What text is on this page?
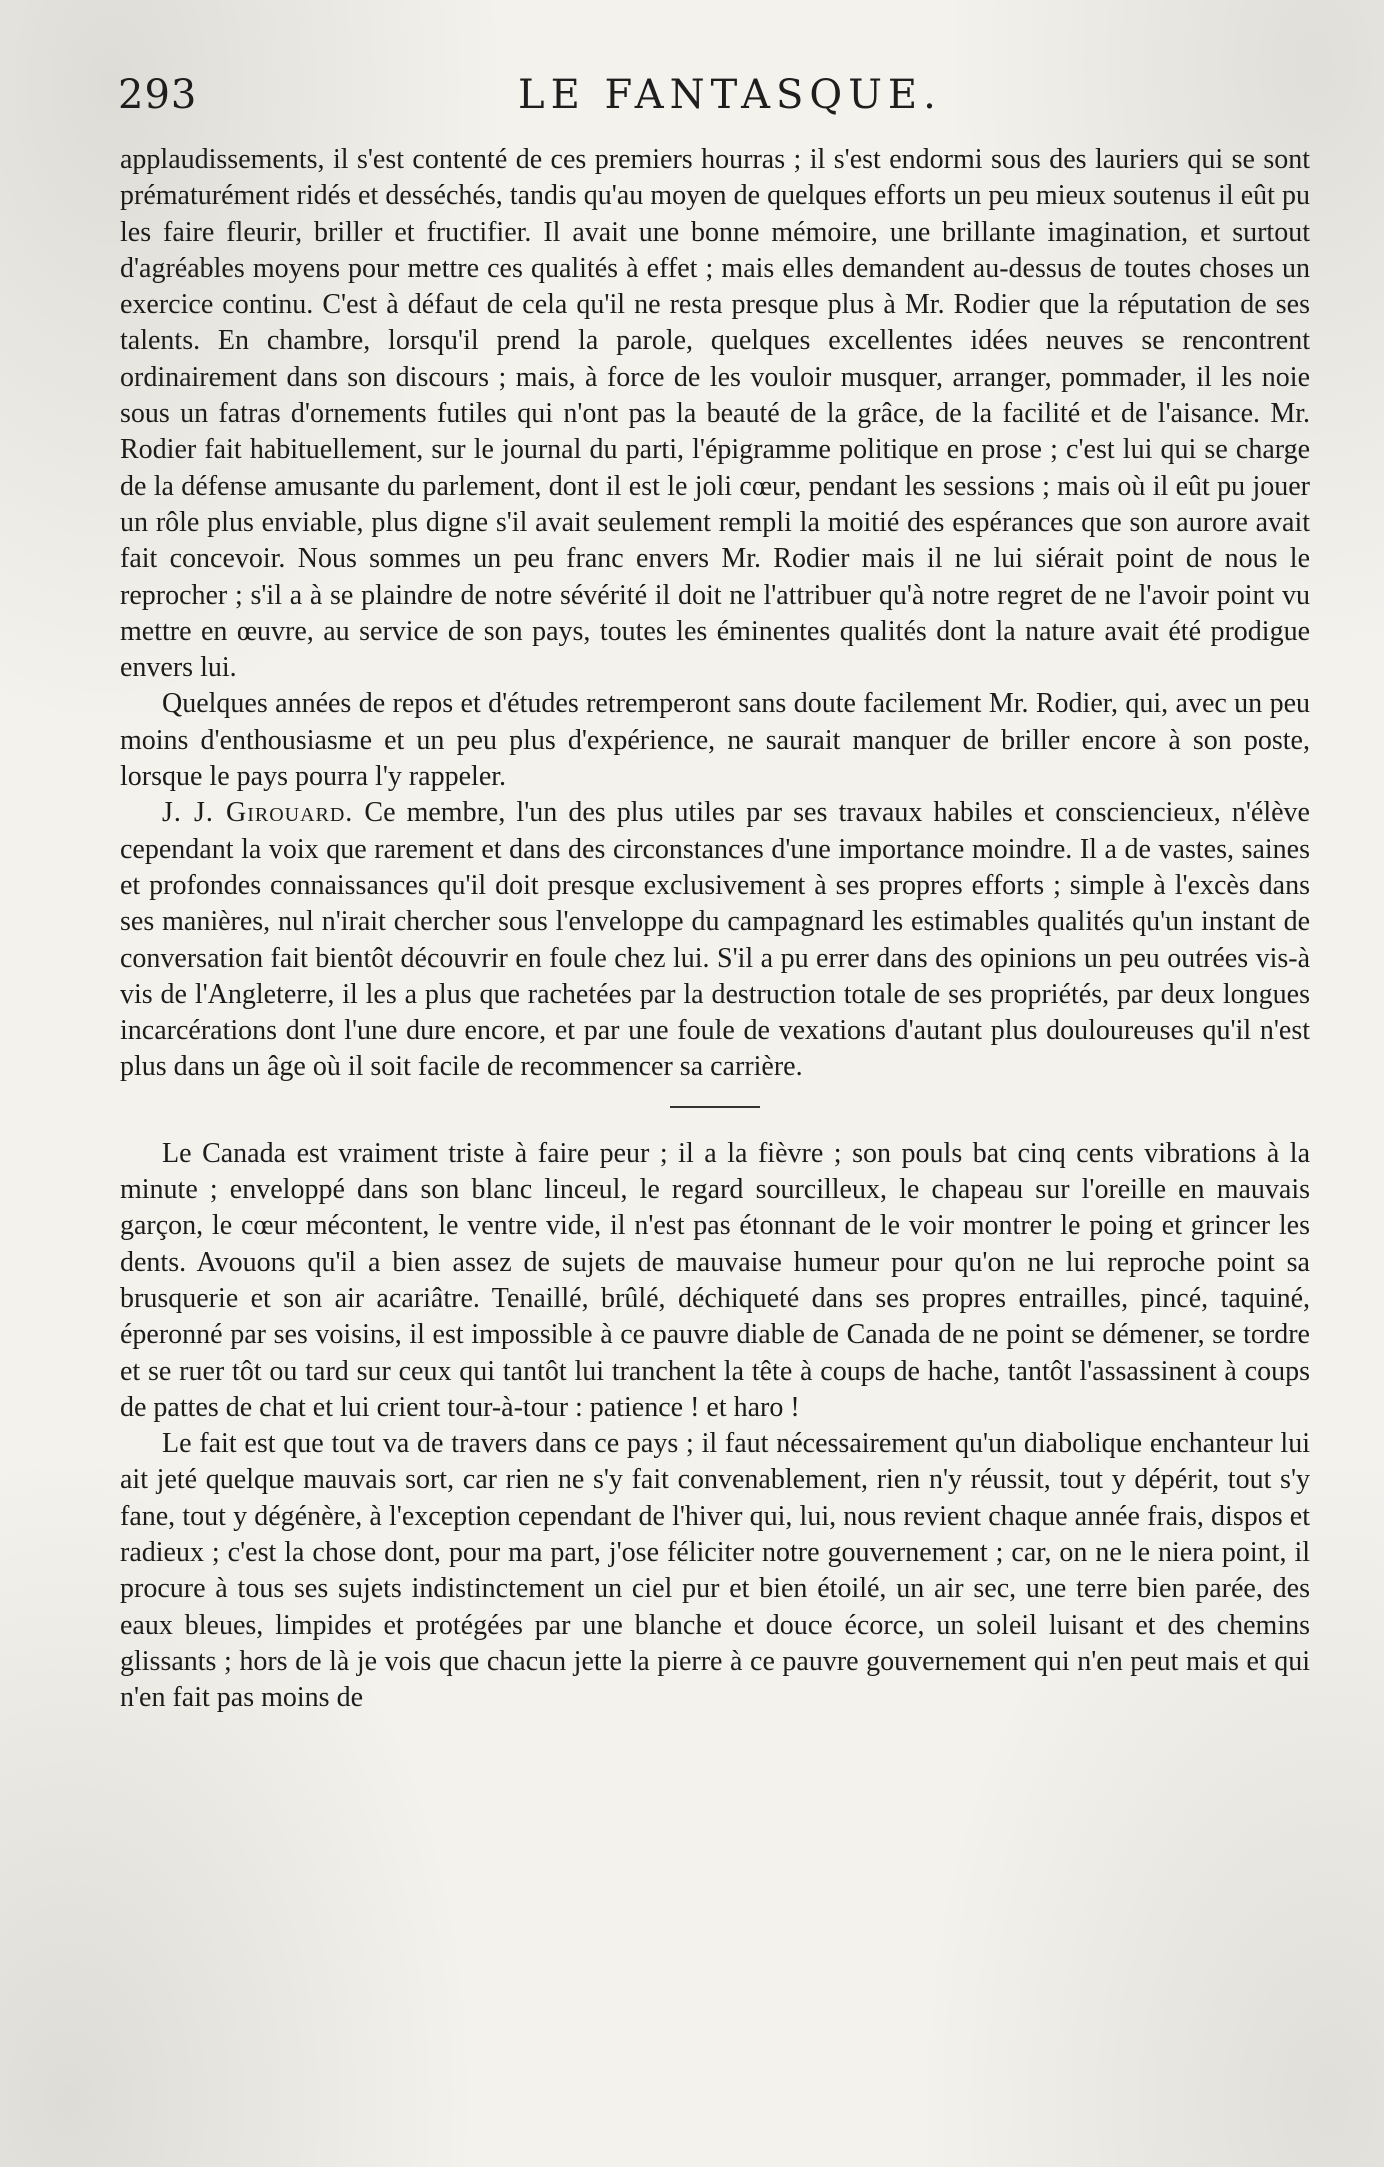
293	LE FANTASQUE.

applaudissements, il s'est contenté de ces premiers hourras ; il s'est endormi sous des lauriers qui se sont prématurément ridés et desséchés, tandis qu'au moyen de quelques efforts un peu mieux soutenus il eût pu les faire fleurir, briller et fructifier. Il avait une bonne mémoire, une brillante imagination, et surtout d'agréables moyens pour mettre ces qualités à effet ; mais elles demandent au-dessus de toutes choses un exercice continu. C'est à défaut de cela qu'il ne resta presque plus à Mr. Rodier que la réputation de ses talents. En chambre, lorsqu'il prend la parole, quelques excellentes idées neuves se rencontrent ordinairement dans son discours ; mais, à force de les vouloir musquer, arranger, pommader, il les noie sous un fatras d'ornements futiles qui n'ont pas la beauté de la grâce, de la facilité et de l'aisance. Mr. Rodier fait habituellement, sur le journal du parti, l'épigramme politique en prose ; c'est lui qui se charge de la défense amusante du parlement, dont il est le joli cœur, pendant les sessions ; mais où il eût pu jouer un rôle plus enviable, plus digne s'il avait seulement rempli la moitié des espérances que son aurore avait fait concevoir. Nous sommes un peu franc envers Mr. Rodier mais il ne lui siérait point de nous le reprocher ; s'il a à se plaindre de notre sévérité il doit ne l'attribuer qu'à notre regret de ne l'avoir point vu mettre en œuvre, au service de son pays, toutes les éminentes qualités dont la nature avait été prodigue envers lui.

Quelques années de repos et d'études retremperont sans doute facilement Mr. Rodier, qui, avec un peu moins d'enthousiasme et un peu plus d'expérience, ne saurait manquer de briller encore à son poste, lorsque le pays pourra l'y rappeler.

J. J. Girouard. Ce membre, l'un des plus utiles par ses travaux habiles et consciencieux, n'élève cependant la voix que rarement et dans des circonstances d'une importance moindre. Il a de vastes, saines et profondes connaissances qu'il doit presque exclusivement à ses propres efforts ; simple à l'excès dans ses manières, nul n'irait chercher sous l'enveloppe du campagnard les estimables qualités qu'un instant de conversation fait bientôt découvrir en foule chez lui. S'il a pu errer dans des opinions un peu outrées vis-à vis de l'Angleterre, il les a plus que rachetées par la destruction totale de ses propriétés, par deux longues incarcérations dont l'une dure encore, et par une foule de vexations d'autant plus douloureuses qu'il n'est plus dans un âge où il soit facile de recommencer sa carrière.

Le Canada est vraiment triste à faire peur ; il a la fièvre ; son pouls bat cinq cents vibrations à la minute ; enveloppé dans son blanc linceul, le regard sourcilleux, le chapeau sur l'oreille en mauvais garçon, le cœur mécontent, le ventre vide, il n'est pas étonnant de le voir montrer le poing et grincer les dents. Avouons qu'il a bien assez de sujets de mauvaise humeur pour qu'on ne lui reproche point sa brusquerie et son air acariâtre. Tenaillé, brûlé, déchiqueté dans ses propres entrailles, pincé, taquiné, éperonné par ses voisins, il est impossible à ce pauvre diable de Canada de ne point se démener, se tordre et se ruer tôt ou tard sur ceux qui tantôt lui tranchent la tête à coups de hache, tantôt l'assassinent à coups de pattes de chat et lui crient tour-à-tour : patience ! et haro !

Le fait est que tout va de travers dans ce pays ; il faut nécessairement qu'un diabolique enchanteur lui ait jeté quelque mauvais sort, car rien ne s'y fait convenablement, rien n'y réussit, tout y dépérit, tout s'y fane, tout y dégénère, à l'exception cependant de l'hiver qui, lui, nous revient chaque année frais, dispos et radieux ; c'est la chose dont, pour ma part, j'ose féliciter notre gouvernement ; car, on ne le niera point, il procure à tous ses sujets indistinctement un ciel pur et bien étoilé, un air sec, une terre bien parée, des eaux bleues, limpides et protégées par une blanche et douce écorce, un soleil luisant et des chemins glissants ; hors de là je vois que chacun jette la pierre à ce pauvre gouvernement qui n'en peut mais et qui n'en fait pas moins de
